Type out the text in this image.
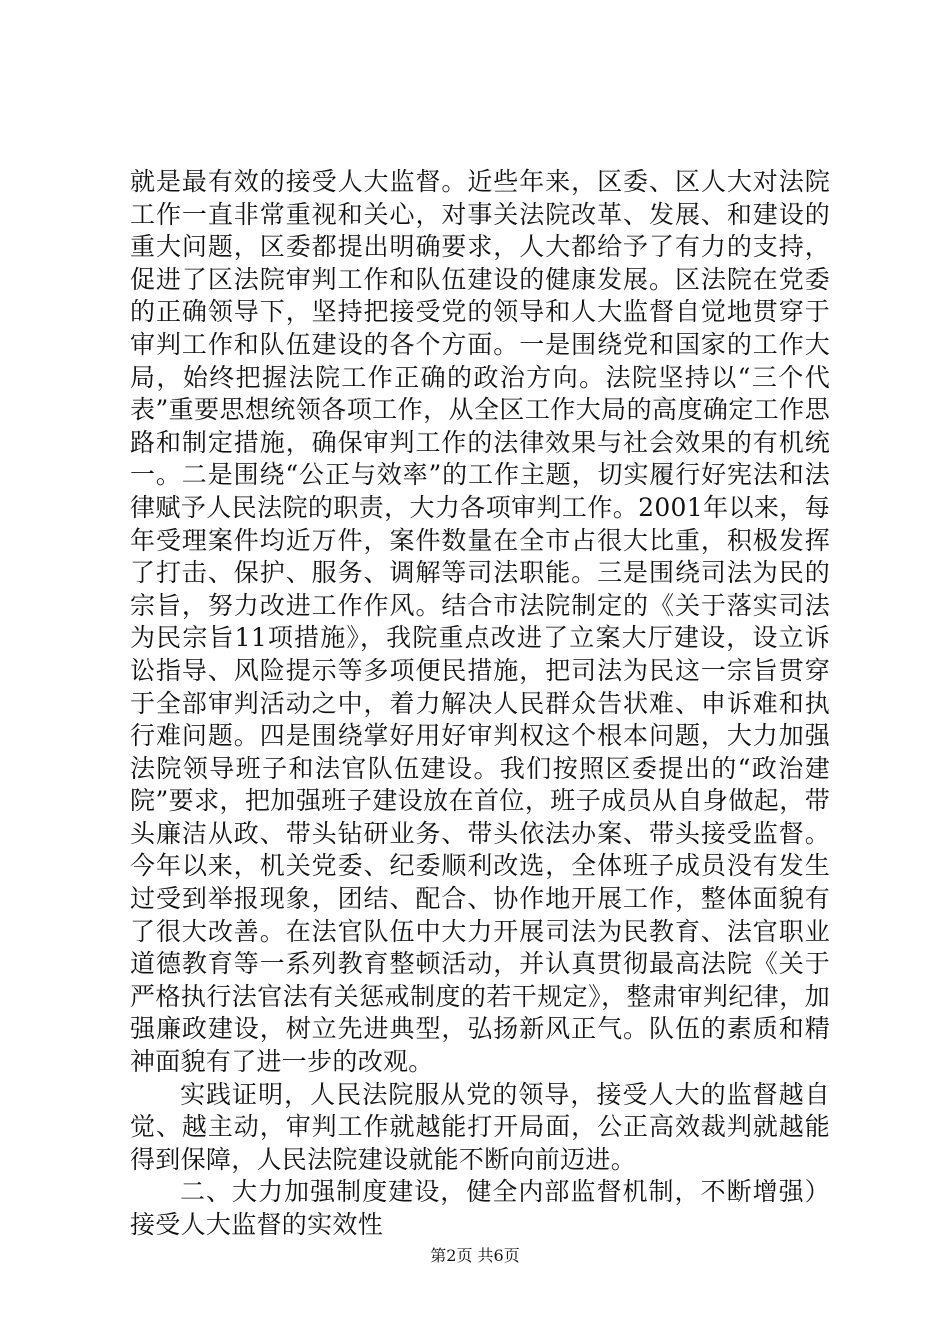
就是最有效的接受人大监督。近些年来，区委、区人大对法院工作一直非常重视和关心，对事关法院改革、发展、和建设的重大问题，区委都提出明确要求，人大都给予了有力的支持，促进了区法院审判工作和队伍建设的健康发展。区法院在党委的正确领导下，坚持把接受党的领导和人大监督自觉地贯穿于审判工作和队伍建设的各个方面。一是围绕党和国家的工作大局，始终把握法院工作正确的政治方向。法院坚持以“三个代表”重要思想统领各项工作，从全区工作大局的高度确定工作思路和制定措施，确保审判工作的法律效果与社会效果的有机统一。二是围绕“公正与效率”的工作主题，切实履行好宪法和法律赋予人民法院的职责，大力各项审判工作。2001年以来，每年受理案件均近万件，案件数量在全市占很大比重，积极发挥了打击、保护、服务、调解等司法职能。三是围绕司法为民的宗旨，努力改进工作作风。结合市法院制定的《关于落实司法为民宗旨11项措施》，我院重点改进了立案大厅建设，设立诉讼指导、风险提示等多项便民措施，把司法为民这一宗旨贯穿于全部审判活动之中，着力解决人民群众告状难、申诉难和执行难问题。四是围绕掌好用好审判权这个根本问题，大力加强法院领导班子和法官队伍建设。我们按照区委提出的“政治建院”要求，把加强班子建设放在首位，班子成员从自身做起，带头廉洁从政、带头钻研业务、带头依法办案、带头接受监督。今年以来，机关党委、纪委顺利改选，全体班子成员没有发生过受到举报现象，团结、配合、协作地开展工作，整体面貌有了很大改善。在法官队伍中大力开展司法为民教育、法官职业道德教育等一系列教育整顿活动，并认真贯彻最高法院《关于严格执行法官法有关惩戒制度的若干规定》，整肃审判纪律，加强廉政建设，树立先进典型，弘扬新风正气。队伍的素质和精神面貌有了进一步的改观。

实践证明，人民法院服从党的领导，接受人大的监督越自觉、越主动，审判工作就越能打开局面，公正高效裁判就越能得到保障，人民法院建设就能不断向前迈进。

二、大力加强制度建设，健全内部监督机制，不断增强）接受人大监督的实效性

第2页 共6页
